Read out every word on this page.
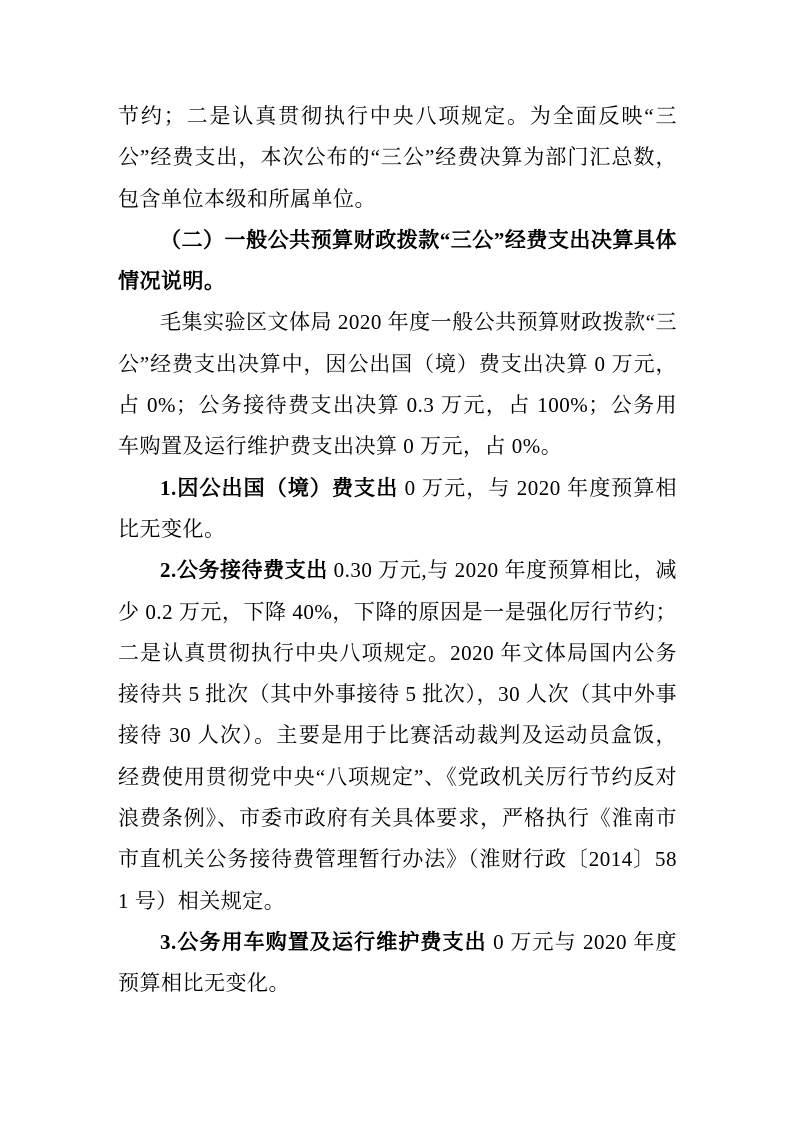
节约；二是认真贯彻执行中央八项规定。为全面反映“三公”经费支出，本次公布的“三公”经费决算为部门汇总数，包含单位本级和所属单位。

（二）一般公共预算财政拨款“三公”经费支出决算具体情况说明。

毛集实验区文体局 2020 年度一般公共预算财政拨款“三公”经费支出决算中，因公出国（境）费支出决算 0 万元，占 0%；公务接待费支出决算 0.3 万元，占 100%；公务用车购置及运行维护费支出决算 0 万元，占 0%。

1.因公出国（境）费支出 0 万元，与 2020 年度预算相比无变化。

2.公务接待费支出 0.30 万元,与 2020 年度预算相比，减少 0.2 万元，下降 40%，下降的原因是一是强化厉行节约；二是认真贯彻执行中央八项规定。2020 年文体局国内公务接待共 5 批次（其中外事接待 5 批次），30 人次（其中外事接待 30 人次）。主要是用于比赛活动裁判及运动员盒饭，经费使用贯彻党中央“八项规定”、《党政机关厉行节约反对浪费条例》、市委市政府有关具体要求，严格执行《淮南市市直机关公务接待费管理暂行办法》（淮财行政〔2014〕581 号）相关规定。

3.公务用车购置及运行维护费支出 0 万元与 2020 年度预算相比无变化。
